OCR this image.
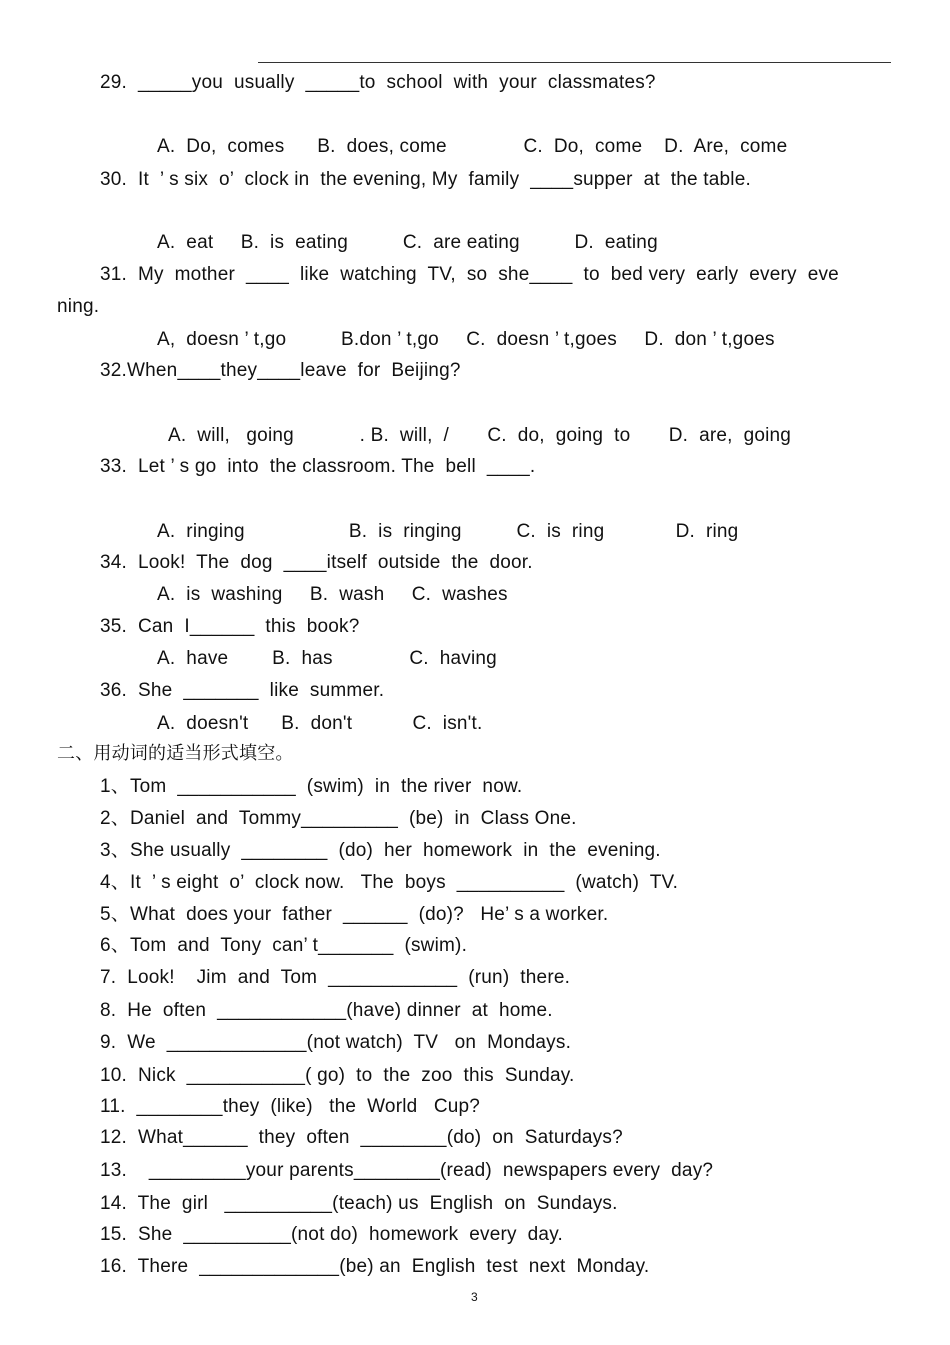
29.  _____you  usually  _____to  school  with  your  classmates?
A.  Do,  comes      B.  does, come              C.  Do,  come    D.  Are,  come
30.  It  ’ s six  o’  clock in  the evening, My  family  ____supper  at  the table.
A.  eat     B.  is  eating          C.  are eating          D.  eating
31.  My  mother  ____  like  watching  TV,  so  she____  to  bed very  early  every  eve
ning.
A,  doesn ’ t,go          B.don ’ t,go     C.  doesn ’ t,goes     D.  don ’ t,goes
32.When____they____leave  for  Beijing?
A.  will,   going            . B.  will,  /       C.  do,  going  to       D.  are,  going
33.  Let ’ s go  into  the classroom. The  bell  ____.
A.  ringing                   B.  is  ringing          C.  is  ring             D.  ring
34.  Look!  The  dog  ____itself  outside  the  door.
A.  is  washing     B.  wash     C.  washes
35.  Can  I______  this  book?
A.  have        B.  has              C.  having
36.  She  _______  like  summer.
A.  doesn't      B.  don't           C.  isn't.
二、用动词的适当形式填空。
1、Tom  ___________  (swim)  in  the river  now.
2、Daniel  and  Tommy_________  (be)  in  Class One.
3、She usually  ________  (do)  her  homework  in  the  evening.
4、It  ’ s eight  o’  clock now.   The  boys  __________  (watch)  TV.
5、What  does your  father  ______  (do)?   He’ s a worker.
6、Tom  and  Tony  can’ t_______  (swim).
7.  Look!    Jim  and  Tom  ____________  (run)  there.
8.  He  often  ____________(have) dinner  at  home.
9.  We  _____________(not watch)  TV   on  Mondays.
10.  Nick  ___________( go)  to  the  zoo  this  Sunday.
11.  ________they  (like)   the  World   Cup?
12.  What______  they  often  ________(do)  on  Saturdays?
13.    _________your parents________(read)  newspapers every  day?
14.  The  girl   __________(teach) us  English  on  Sundays.
15.  She  __________(not do)  homework  every  day.
16.  There  _____________(be) an  English  test  next  Monday.
3
